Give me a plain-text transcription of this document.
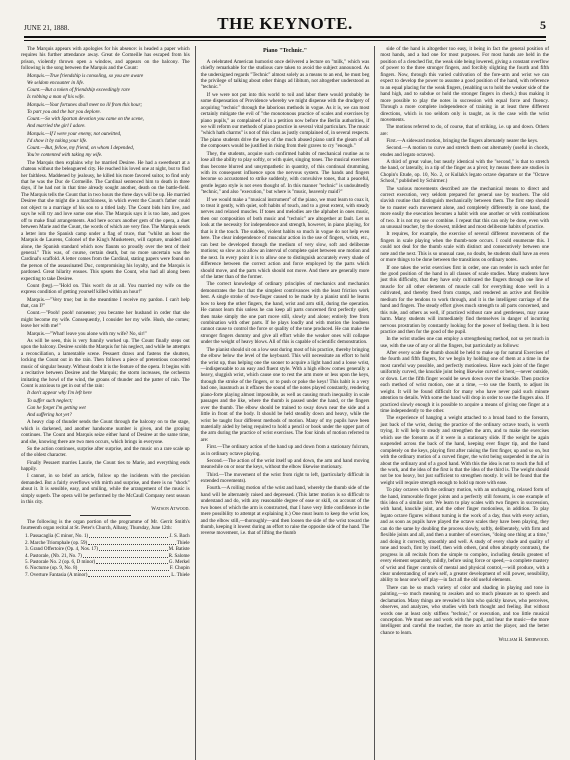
JUNE 21, 1888.	THE KEYNOTE.	5

The Marquis appears with apologies for his absence: is headed a paper which requires his further attendance away. Great de Cormeille has escaped from his prison, violently thrown open a window, and appears on the balcony. The following is the song between the Marquis and the Count:

Marquis.—True friendship is consoling, so you are aware

We seldom encounter in life.

Count.—But a token of friendship exceedingly rare

Is robbing a man of his wife.

Marquis.—Your fortunes shall meet no ill from this hour;

To part you and the bar you deplore.

Count.—So with Spartan devotion you came on the scene,

And married the girl I adore.

Marquis.—If I were your enemy, not outwitted,

I'd show it by taking your life.

Count.—But, fellow, my friend, on whom I depended,

You're contented with taking my wife.

The Marquis then explains why he married Desiree. He had a sweetheart at a chateau without the beleaguered city. He reached his loved one at night, but to find her faithless. Maddened by jealousy, he killed his more favored suitor, to find only that he was the Duc de Cormeille. The Cardinal sentenced him to death in three days, if he had not in that time already sought another, death on the battle-field. The Marquis tells the Count that in two hours the three days will be up. He married Desiree that she might die a marchioness, in which event the Count's father could not object to a marriage of his son to a titled lady. The Count bids him live, and says he will try and love some one else. The Marquis says it is too late, and goes off to make final arrangements. And here occurs another gem of the opera, a duet between Marie and the Count, the words of which are very fine. The Marquis sends a letter into the Spanish camp under a flag of truce, that "whilst an hour the Marquis de Laurens, Colonel of the King's Musketeers, will capture, unaided and alone, the Spanish standard which now flaunts so proudly over the tent of their general." This was, of course, certain death, but no more uncertain was the Cardinal's scaffold. A letter comes from the Cardinal, stating papers were found on the person of the assassinated Duc, compromising his loyalty, and the Marquis is pardoned. Great hilarity ensues. This upsets the Count, who had all along been expecting to take Desiree.

Count (beg).—"Hold on. This won't do at all. You married my wife on the express condition of getting yourself killed within an hour!"

Marquis.—"Very true; but in the meantime I receive my pardon. I can't help that, can I?"

Count.—"Pooh! pooh! nonsense; you became her husband in order that she might become my wife. Consequently, I consider her my wife. Hush, she comes; leave her with me!"

Marquis.—"What! leave you alone with my wife? No, sir!"

As will be seen, this is very funnily worked up. The Count finally steps out upon the balcony. Desiree scolds the Marquis for his neglect, and while he attempts a reconciliation, a lamentable scene. Pessaert draws and fastens the shutters, locking the Count out in the rain. Then follows a piece of pretentious concerted music of singular beauty. Without doubt it is the feature of the opera. It begins with a recitative between Desiree and the Marquis; the storm increases, the orchestra imitating the howl of the wind, the groans of thunder and the patter of rain. The Count is anxious to get in out of the rain:

It don't appear why I'm left here

To suffer such neglect;

Can he forget I'm getting wet

And suffering hot yet?

A heavy clap of thunder sends the Count through the balcony on to the stage, which is darkened, and another handsome number is given, and the groping continues. The Count and Marquis seize either hand of Desiree at the same time, and she, knowing there are two men occurs, which brings in everyone.

So the action continues, surprise after surprise, and the music on a rare scale up of the oldest character.

Finally Pessaert marries Laurie, the Count ties to Marie, and everything ends happily.

I cannot, in so brief an article, follow up the incidents with the precision demanded. But a fairly overflows with mirth and surprise, and there is no "shock" about it. It is sensible, easy, and smiling, while the arrangement of the music is simply superb. The opera will be performed by the McCaull Company next season in this city.

Watson Atwood.

The following is the organ portion of the programme of Mr. Gerrit Smith's fourteenth organ recital at St. Peter's Church, Albany, Thursday, June 12th:

1. Passacaglia (C minor, No. 1)	J. S. Bach
2. Marche Triomphale (op. 59)	Thiele
3. Grand Offertoire (Op. 4, Nos. 17)	M. Batiste
4. Pastorale, (Nb. 21, No. 7)	R. Salome
5. Pastorale No. 2 (op. 6, D minor)	G. Merkel
6. Nocturne (op. 9, No. 8)	F. Chopin
7. Overture Fantasia (A minor)	L. Thiele
Piano "Technic."

A celebrated American humorist once delivered a lecture on "milk," which was chiefly remarkable for the studious care taken to avoid the subject announced. As the undersigned regards "Technic" almost solely as a means to an end, he must beg the privilege of talking about other things ad libitum, not altogether understood as "technic."

If we were not put into this world to toil and labor there would probably be some dispensation of Providence whereby we might dispense with the drudgery of acquiring "technic" through the laborious methods in vogue. As it is, we can most certainly mitigate the evil of "the monotonous practice of scales and exercises by piano pupils," as complained of in a petition now before the Berlin authorities, if we will reform our methods of piano practice in several vital particulars. The music "which hath charms" is not of this class as justly complained of, in several respects. The piano students drive the keys of the much abused piano until the gleam of all the composers would be justified in rising from their graves to cry "enough."

They, the students, acquire such confirmed habits of mechanical routine as to lose all the ability to play softly, or with quiet, singing tones. The musical exercises thus become blurred and unsympathetic in quantity, of this continual drumming, with its consequent influence upon the nervous system. The hands and fingers become so accustomed to strike suddenly, with convulsive tones, that a peaceful, gentle legato style is not even thought of. In this manner "technic" is undoubtedly "technic," and also "execution," but where is "music, heavenly maid?"

If we would make a "musical instrument" of the piano, we must learn to coax it, to treat it gently, with quiet, soft habits of touch, and to a great extent, with steady nerves and relaxed muscles. If tones and melodies are the alphabet in ones music, then our composition of both music and "technic" are altogether at fault. Let us look at the necessity for independence and strength, however, in piano playing, for that is it the touch. The sudden, violent habits so much in vogue do not help even here. The clear independence of muscular action in the use of fingers, wrists, etc., can best be developed through the medium of very slow, soft and deliberate motions; so slow as to allow an interval of complete quiet between one motion and the next. In every point it is to allow one to distinguish accurately every shade of difference between the correct action and force employed by the parts which should move, and the parts which should not move. And there are generally more of the latter than of the former.

The correct knowledge of ordinary principles of mechanics and mechanics demonstrates the fact that the simplest contrivances with the least friction work best. A single stroke of two-finger caused to be made by a pianist until he learns how to keep the other fingers, the hand, wrist and arm still, during the operation. He cannot learn this unless he can keep all parts concerned first perfectly quiet, then make simply the one part move still, slowly and alone; entirely free from combination with other parts. If he plays loudly and with motion the loudness cannot cause to control the force or quality of the tone produced. He can make the stronger fingers dummy and give all effort while the weaker ones will collapse under the weight of heavy blows. All of this is capable of scientific demonstration.

The pianist should sit on a low seat during most of his practice, thereby bringing the elbow below the level of the keyboard. This will necessitate an effort to hold the wrist up, thus helping one the sooner to acquire a light hand and a loose wrist,—indispensable to an easy and fluent style. With a high elbow comes generally a heavy, sluggish wrist, which cause one to rest the arm more or less upon the keys, through the stroke of the fingers, or to push or poke the keys! This habit is a very bad one, inasmuch as it effaces the sound of the notes played constantly, rendering piano-forte playing almost impossible, as well as causing much inequality in scale passages and the like, where the thumb is passed under the hand, or the fingers over the thumb. The elbow should be trained to sway down near the side and a little in front of the body. It should be held steadily down and heavy, while the wrist be taught four different methods of motion. Many of my pupils have been materially aided by being required to hold a pencil or book under the upper part of the arm during the practice of wrist exercises. The four kinds of motion referred to are:

First.—The ordinary action of the hand up and down from a stationary fulcrum, as in ordinary octave playing.

Second.—The action of the wrist itself up and down, the arm and hand moving meanwhile on or near the keys, without the elbow likewise motionary.

Third.—The movement of the wrist from right to left, (particularly difficult in extended movements).

Fourth.—A rolling motion of the wrist and hand, whereby the thumb side of the hand will be alternately raised and depressed. (This latter motion is so difficult to understand and do, with any reasonable degree of ease or skill, on account of the two bones of which the arm is constructed, that I have very little confidence in the mere possibility to attempt at explaining it.) One must learn to keep the wrist low, and the elbow still,—thoroughly—and then loosen the side of the wrist toward the thumb, keeping it lowest during an effort to raise the opposite side of the hand. The reverse movement, i.e. that of lifting the thumb

side of the hand is altogether too easy, it being in fact the general position of most hands, and a bad one for most purposes. For most hands are held in the position of a clenched fist, the weak side being lowered, giving a constant overflow of power to the three stronger fingers, and forcibly slighting the fourth and fifth fingers. Now, through this varied cultivation of the fore-arm and wrist we can expect to develop the power to assume a good position of the hand, with reference to an equal placing for the weak fingers, (enabling us to hold the weaker side of the hand high, and to subdue or hold the stronger fingers in check,) thus making it more possible to play the notes in succession with equal force and fluency. Through a more complete independence of training in at least three different directions, which is too seldom only is taught, as is the case with the wrist movements.

The motions referred to do, of course, that of striking, i.e. up and down. Others are:

First.—A sideward motion, bringing the fingers alternately nearer the keys.

Second.—A motion to curve and stretch them out alternately (useful in chords, etudes and legato octaves).

A third of great value, but nearly identical with the "second," is that to stretch the hand, or laterally, in a tip of the finger as a pivot; by means there are studies in Chopin's Etude, op. 10, No. 2, or Kullak's legato octave departure or the "Octave School," published by Schirmer.)

The various movements described are the mechanical means to direct and correct execution, very seldom prepared for general use by teachers. The old slavish routine that distinguish mechanically between them. The first step should be to master each movement alone, and completely differently in one hand, the more easily the execution becomes a habit with one another or with combinations of two. It is not my use or combine. I repeat that this can only be done, even with an unusual teacher, by the slowest, mildest and most deliberate habits of practice.

It requires, for example, the exercise of several different movements of the fingers in scale playing when the thumb-note occurs. I could enumerate this. I could not deal for the thumb scale with distinct and consecutively between one note and the next. This is so unusual case, no doubt, be students shall have an even or more things to be done between the transitions on ordinary notes.

If one takes the wrist exercises first in order, one can render in such order for the good position of the hand in all classes of scale studies. Many students have just this difficulty, that they have only cultivated the fingers through one line of muscle for all other elements of muscle call for everything done well in a cultivated, and thereby freed from cramps, and rendered an active and flexible medium for the tendons to work through, and it is the intelligent carriage of the hand and fingers. The steady effort gives much strength to all parts concerned, and this rule, and others as well, if practiced without care and gentleness, may cause harm. Many students will immediately find themselves in danger of incurring nervous prostration by constantly looking for the power of feeling them. It is best practice and then for the good of the pupil.

In the wrist studies one can employ a strengthening method, not so yet much in use, with the use of any or all the fingers, but particularly as follows:

After every scale the thumb should be held to make up for natural Exercises of the fourth and fifth fingers, for we begin by holding one of them at a time in the most careful way possible, and perfectly motionless. Have each joint of the finger uniformly curved, the knuckle joint being likewise curved or bent,—never outside, or down. Let the fifth finger would be sewn down over the knuckle. Then practice each method of wrist motion, one at a time, —to use the fourth, to adjust its weight. It will be found difficult for many who have never paid such minute attention to details. With some the hand will drop in order to use the fingers also. If practiced slowly enough it is possible to acquire a means of giving one finger at a time independently to the other.

The experience of hanging a weight attached to a broad band to the forearm, just back of the wrist, during the practice of the ordinary octave touch, is worth trying. It will help to steady and strengthen the arm, and to make the exercises which use the forearm as if it were in a stationary slide. If the weight be again suspended across the back of the hand, keeping ever finger tip, and the hand completely on the keys, playing first after raising the first finger, up and so on, but with the ordinary motion of a curved finger, the wrist being suspended in the air in about the ordinary and of a good hand. With this the idea is not to reach the full of the work, and the idea of the first is that the idea of the third is. The weight should not be too heavy, but just sufficient to strengthen mostly. It will be found that the weight will require strength enough to hold up more with ease.

To play octaves with the ordinary motion, with an unchanging, relaxed form of the hand, immovable finger joints and a perfectly still forearm, is one example of this idea of a similar sort. We learn to play scales with two fingers in succession, with hand, knuckle joint, and the other finger motionless, in addition. To play legato octave figures without turning is the work of a day, thus with every action, and as soon as pupils have played the octave scales they have been playing, they can do the same by doubling the process slowly, softly, deliberately, with firm and flexible joints and all, and then a number of exercises, "doing one thing at a time," and doing it correctly, smoothly and well. A study of every shade and quality of tone and touch, first by itself, then with others, (and often abruptly contrasts), the progress in all recitals from the simple to complex, including details greatest of every element separately, mildly, before using force or speed,—a complete mastery of wrist and finger controls of mental and physical control,—will produce, with a clear understanding of one's self, a greater development of will power, sensibility, ability to hear one's self play—in fact all the old useful elements.

There can be so much variety of color and shading in playing and tone in painting,—so much meaning to awaken and so much pleasure as to speech and declamation. Many things are revealed to him who quickly knows, who perceives, observes, and analyzes, who studies with both thought and feeling. But without words one at least only stiffens "technic," or execution, and too little musical conception. We must see and work with the pupil, and hear the music—the more intelligent and careful the teacher, the more an artist the player, and the better chance to learn.

William H. Sherwood.
